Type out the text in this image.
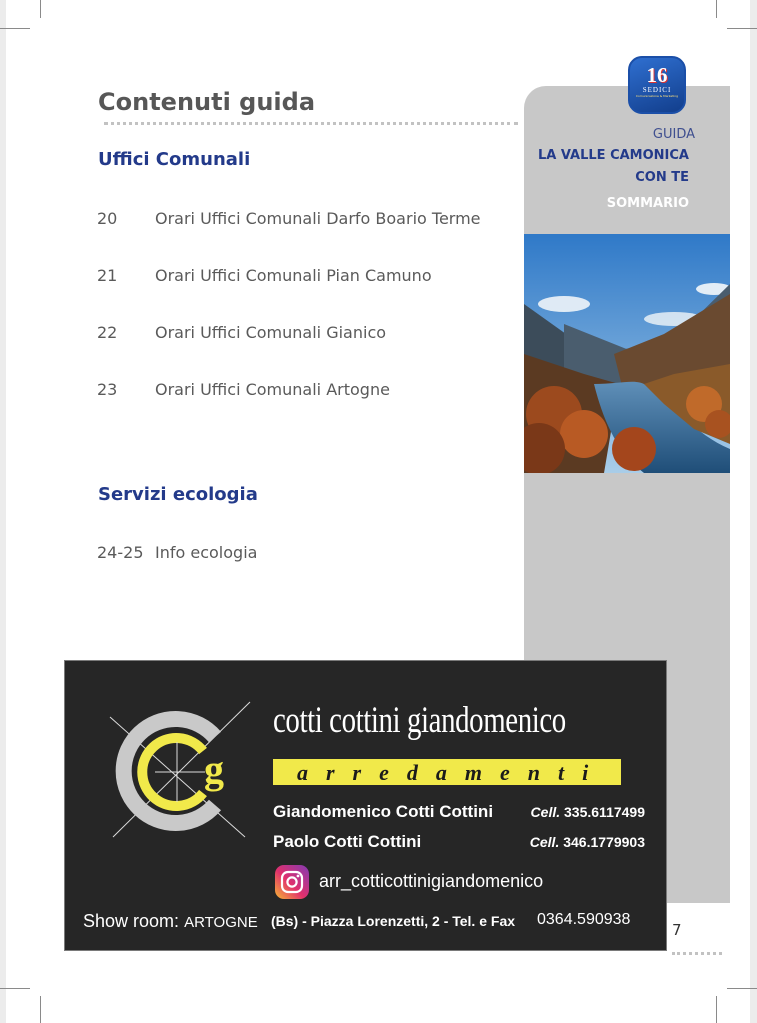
16
SEDICI
Comunicazione & Marketing
GUIDA
LA VALLE CAMONICA
CON TE
SOMMARIO
Contenuti guida
Uffici Comunali
20 Orari Uffici Comunali Darfo Boario Terme
21 Orari Uffici Comunali Pian Camuno
22 Orari Uffici Comunali Gianico
23 Orari Uffici Comunali Artogne
Servizi ecologia
24-25 Info ecologia
g
cotti cottini giandomenico
arredamenti
Giandomenico Cotti Cottini	Cell. 335.6117499
Paolo Cotti Cottini	Cell. 346.1779903
arr_cotticottinigiandomenico
Show room: ARTOGNE (Bs) - Piazza Lorenzetti, 2 - Tel. e Fax 0364.590938
7
